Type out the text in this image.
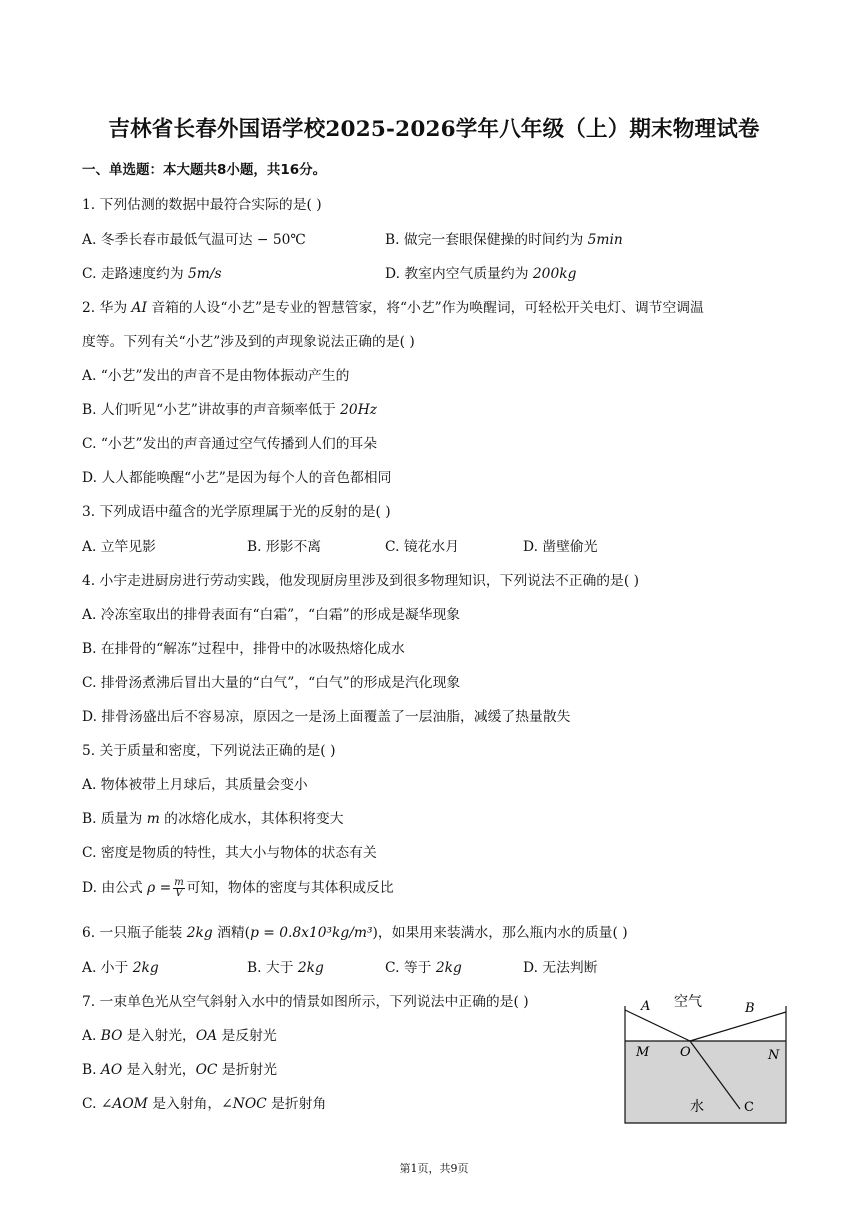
吉林省长春外国语学校2025-2026学年八年级（上）期末物理试卷
一、单选题：本大题共8小题，共16分。
1. 下列估测的数据中最符合实际的是( )
A. 冬季长春市最低气温可达 − 50℃	B. 做完一套眼保健操的时间约为 5min
C. 走路速度约为 5m/s	D. 教室内空气质量约为 200kg
2. 华为 AI 音箱的人设“小艺”是专业的智慧管家，将“小艺”作为唤醒词，可轻松开关电灯、调节空调温
度等。下列有关“小艺”涉及到的声现象说法正确的是( )
A. “小艺”发出的声音不是由物体振动产生的
B. 人们听见“小艺”讲故事的声音频率低于 20Hz
C. “小艺”发出的声音通过空气传播到人们的耳朵
D. 人人都能唤醒“小艺”是因为每个人的音色都相同
3. 下列成语中蕴含的光学原理属于光的反射的是( )
A. 立竿见影	B. 形影不离	C. 镜花水月	D. 凿壁偷光
4. 小宇走进厨房进行劳动实践，他发现厨房里涉及到很多物理知识，下列说法不正确的是( )
A. 冷冻室取出的排骨表面有“白霜”，“白霜”的形成是凝华现象
B. 在排骨的“解冻”过程中，排骨中的冰吸热熔化成水
C. 排骨汤煮沸后冒出大量的“白气”，“白气”的形成是汽化现象
D. 排骨汤盛出后不容易凉，原因之一是汤上面覆盖了一层油脂，减缓了热量散失
5. 关于质量和密度，下列说法正确的是( )
A. 物体被带上月球后，其质量会变小
B. 质量为 m 的冰熔化成水，其体积将变大
C. 密度是物质的特性，其大小与物体的状态有关
D. 由公式 $\rho = \frac{m}{V}$ 可知，物体的密度与其体积成反比
6. 一只瓶子能装 2kg 酒精(p = 0.8x10³kg/m³)，如果用来装满水，那么瓶内水的质量( )
A. 小于 2kg	B. 大于 2kg	C. 等于 2kg	D. 无法判断
7. 一束单色光从空气斜射入水中的情景如图所示，下列说法中正确的是( )
A. BO 是入射光，OA 是反射光
B. AO 是入射光，OC 是折射光
C. ∠AOM 是入射角，∠NOC 是折射角
A 空气	B
M O	N
水	C
第1页，共9页
